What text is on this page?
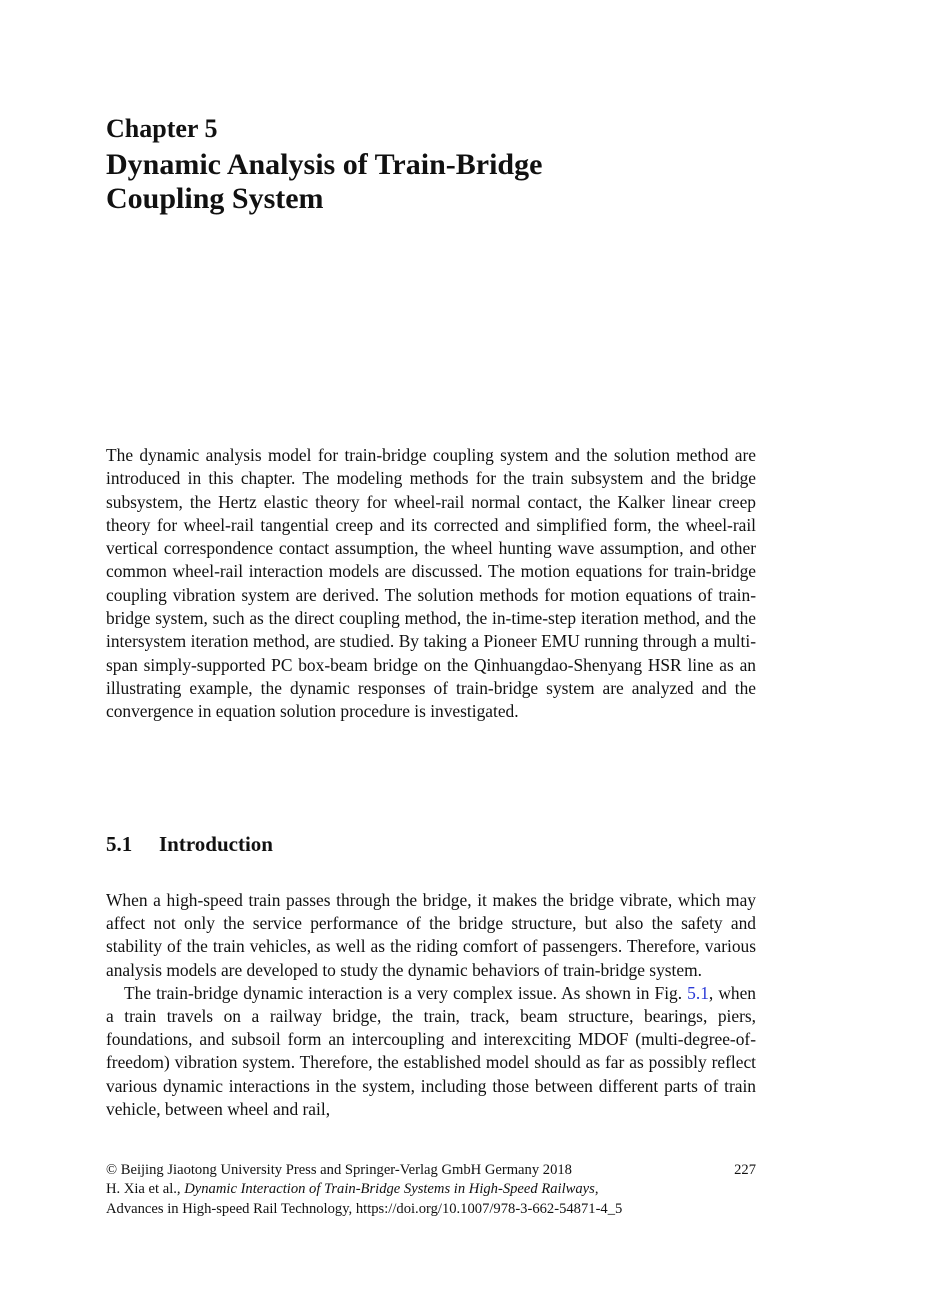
Chapter 5
Dynamic Analysis of Train-Bridge
Coupling System

The dynamic analysis model for train-bridge coupling system and the solution method are introduced in this chapter. The modeling methods for the train subsystem and the bridge subsystem, the Hertz elastic theory for wheel-rail normal contact, the Kalker linear creep theory for wheel-rail tangential creep and its corrected and simplified form, the wheel-rail vertical correspondence contact assumption, the wheel hunting wave assumption, and other common wheel-rail interaction models are discussed. The motion equations for train-bridge coupling vibration system are derived. The solution methods for motion equations of train-bridge system, such as the direct coupling method, the in-time-step iteration method, and the intersystem iteration method, are studied. By taking a Pioneer EMU running through a multi-span simply-supported PC box-beam bridge on the Qinhuangdao-Shenyang HSR line as an illustrating example, the dynamic responses of train-bridge system are analyzed and the convergence in equation solution procedure is investigated.

5.1 Introduction

When a high-speed train passes through the bridge, it makes the bridge vibrate, which may affect not only the service performance of the bridge structure, but also the safety and stability of the train vehicles, as well as the riding comfort of passengers. Therefore, various analysis models are developed to study the dynamic behaviors of train-bridge system.

The train-bridge dynamic interaction is a very complex issue. As shown in Fig. 5.1, when a train travels on a railway bridge, the train, track, beam structure, bearings, piers, foundations, and subsoil form an intercoupling and interexciting MDOF (multi-degree-of-freedom) vibration system. Therefore, the established model should as far as possibly reflect various dynamic interactions in the system, including those between different parts of train vehicle, between wheel and rail,

© Beijing Jiaotong University Press and Springer-Verlag GmbH Germany 2018
H. Xia et al., Dynamic Interaction of Train-Bridge Systems in High-Speed Railways,
Advances in High-speed Rail Technology, https://doi.org/10.1007/978-3-662-54871-4_5
227
